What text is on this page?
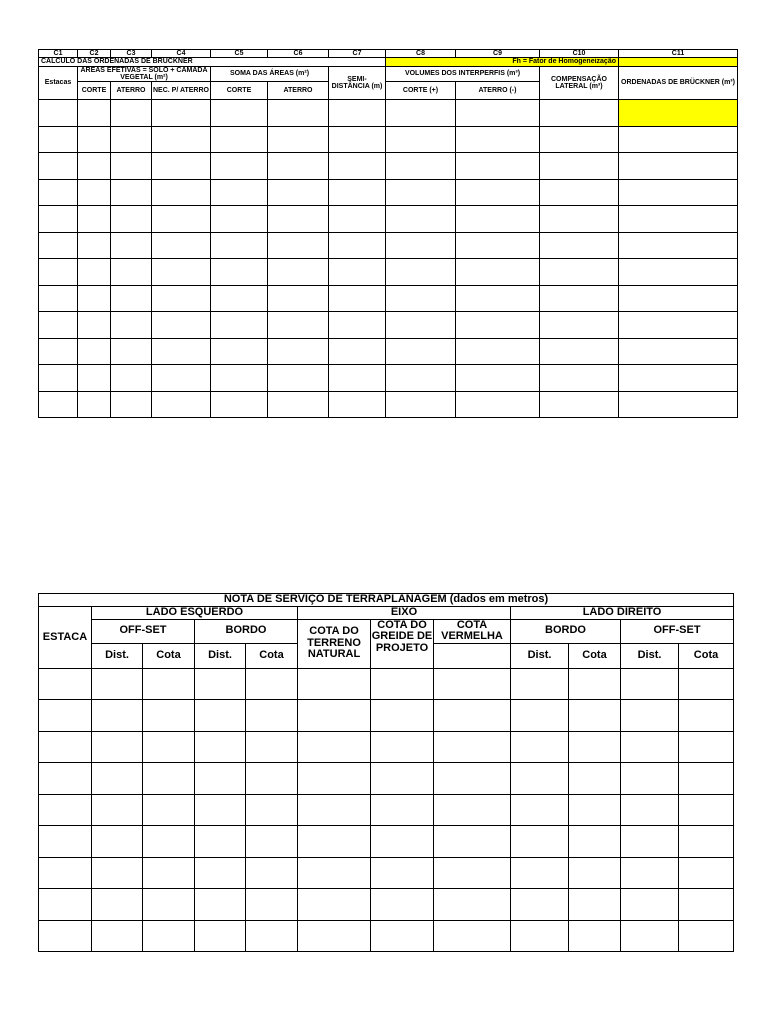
C1	C2	C3	C4	C5	C6	C7	C8	C9	C10	C11
CÁLCULO DAS ORDENADAS DE BRUCKNER							Fh = Fator de Homogeneização			
Estacas	ÁREAS EFETIVAS = SOLO + CAMADA VEGETAL (m²)			SOMA DAS ÁREAS (m²)		SEMI-DISTÂNCIA (m)	VOLUMES DOS INTERPERFIS (m³)		COMPENSAÇÃO LATERAL (m³)	ORDENADAS DE BRÜCKNER (m³)

	CORTE	ATERRO	NEC. P/ ATERRO	CORTE	ATERRO		CORTE (+)	ATERRO (-)		

NOTA DE SERVIÇO DE TERRAPLANAGEM (dados em metros)											
ESTACA	LADO ESQUERDO				EIXO			LADO DIREITO			
	OFF-SET		BORDO		COTA DO TERRENO NATURAL	COTA DO GREIDE DE PROJETO	COTA VERMELHA	BORDO		OFF-SET	
	Dist.	Cota	Dist.	Cota				Dist.	Cota	Dist.	Cota
